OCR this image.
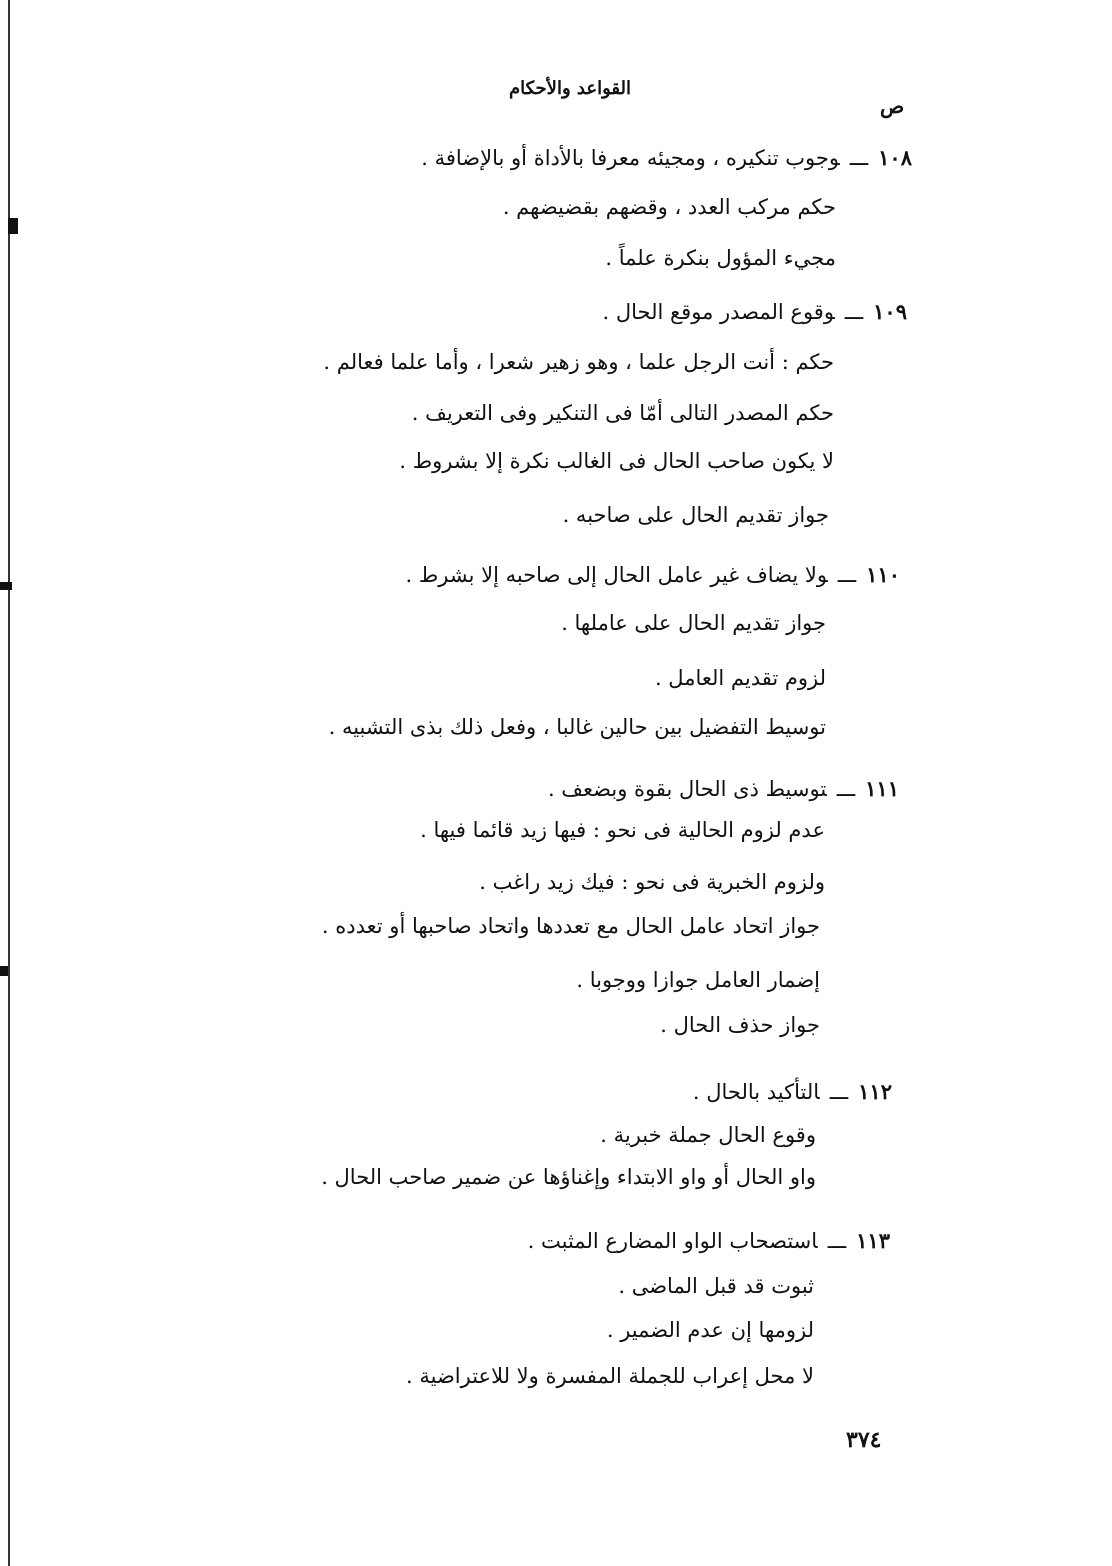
القواعد والأحكام
ص
١٠٨ـــوجوب تنكيره ، ومجيئه معرفا بالأداة أو بالإضافة .
حكم مركب العدد ، وقضهم بقضيضهم .
مجيء المؤول بنكرة علماً .
١٠٩ـــوقوع المصدر موقع الحال .
حكم : أنت الرجل علما ، وهو زهير شعرا ، وأما علما فعالم .
حكم المصدر التالى أمّا فى التنكير وفى التعريف .
لا يكون صاحب الحال فى الغالب نكرة إلا بشروط .
جواز تقديم الحال على صاحبه .
١١٠ـــولا يضاف غير عامل الحال إلى صاحبه إلا بشرط .
جواز تقديم الحال على عاملها .
لزوم تقديم العامل .
توسيط التفضيل بين حالين غالبا ، وفعل ذلك بذى التشبيه .
١١١ـــتوسيط ذى الحال بقوة وبضعف .
عدم لزوم الحالية فى نحو : فيها زيد قائما فيها .
ولزوم الخبرية فى نحو : فيك زيد راغب .
جواز اتحاد عامل الحال مع تعددها واتحاد صاحبها أو تعدده .
إضمار العامل جوازا ووجوبا .
جواز حذف الحال .
١١٢ـــالتأكيد بالحال .
وقوع الحال جملة خبرية .
واو الحال أو واو الابتداء وإغناؤها عن ضمير صاحب الحال .
١١٣ـــاستصحاب الواو المضارع المثبت .
ثبوت قد قبل الماضى .
لزومها إن عدم الضمير .
لا محل إعراب للجملة المفسرة ولا للاعتراضية .
٣٧٤
